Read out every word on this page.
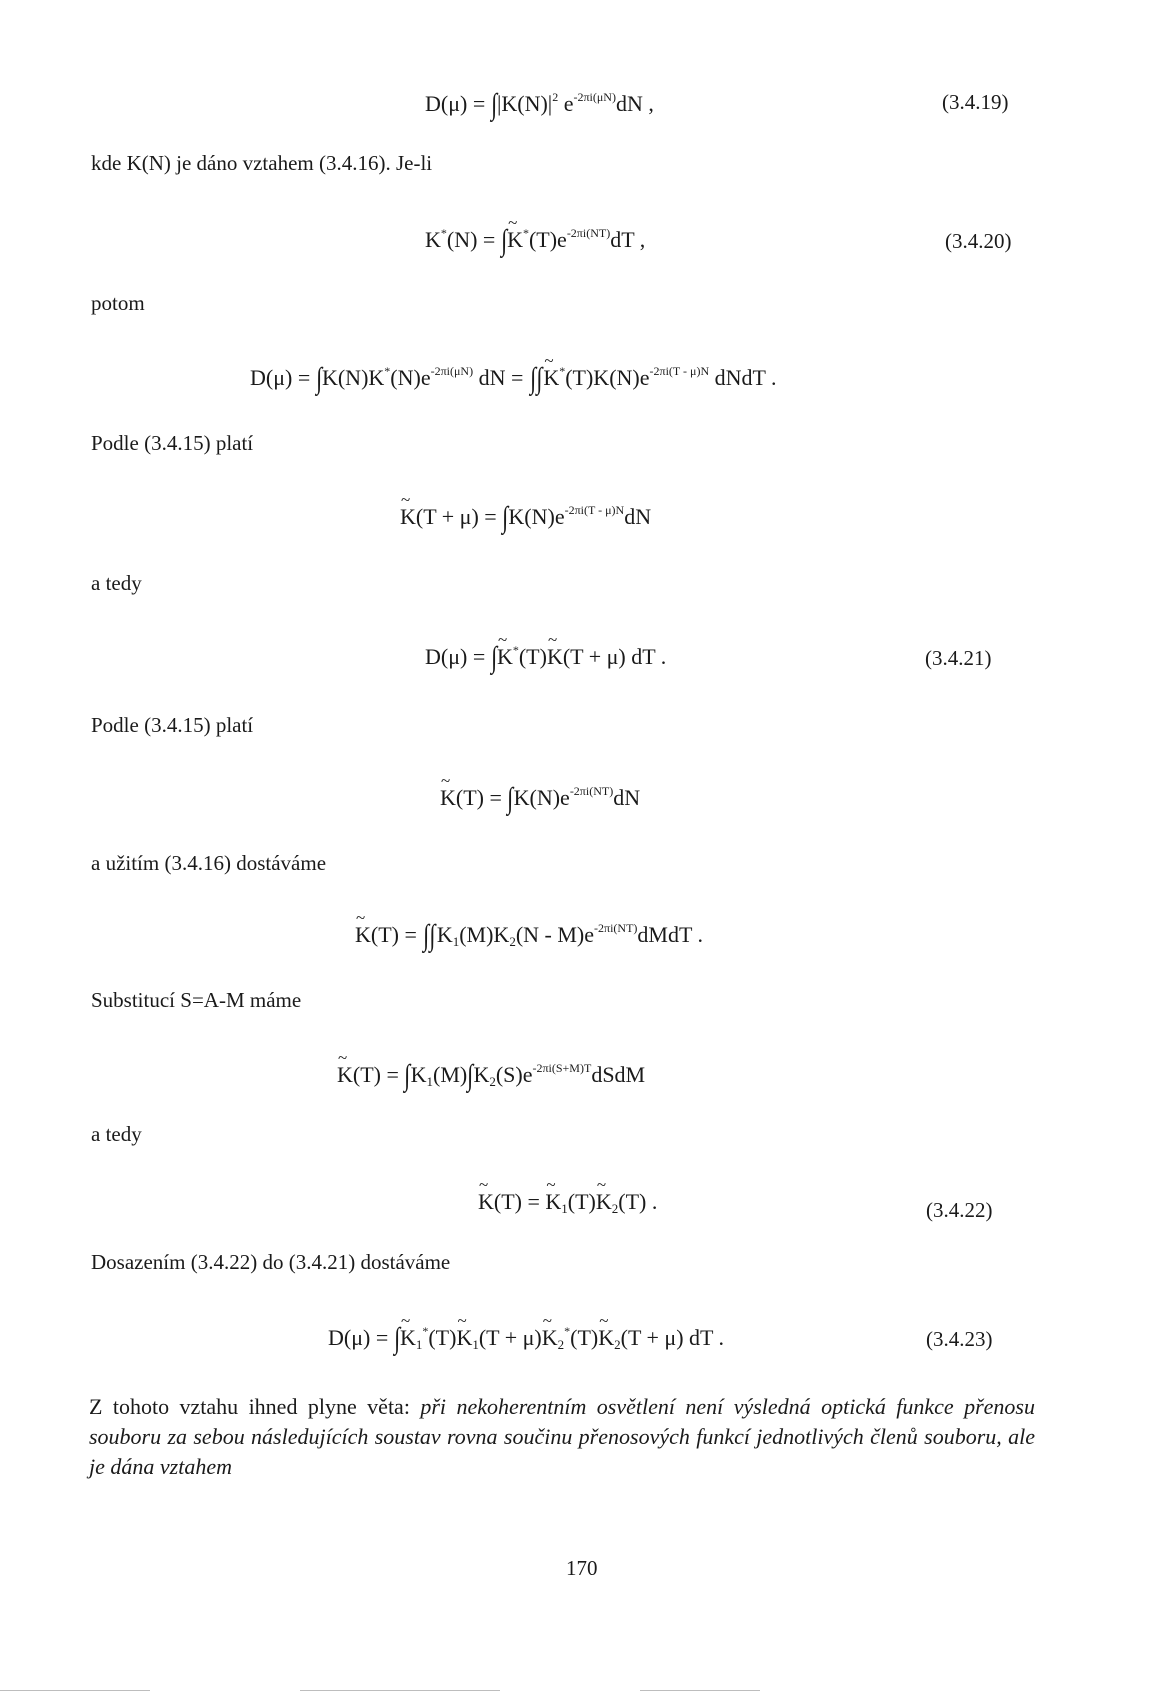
$D(\mu) = \int|K(N)|^2$ $e^{-2\pi i(\mu N)}dN$ ,	(3.4.19)
kde K(N) je dáno vztahem (3.4.16). Je-li
K*(N) = ∫~ $K^*(T)e^{-2\pi i(NT)}dT$ ,	(3.4.20)
potom
$D(\mu) = \int K(N)K^*(N)e^{-2\pi i(\mu N)}$ dN = ∫∫~ $K^*(T)K(N)e^{-2\pi i(T - \mu)N}$ dNdT .
Podle (3.4.15) platí
~ $K(T + \mu) = \int K(N)e^{-2\pi i(T - \mu)N}dN$
a tedy
D(μ) = ∫~ K*(T)~ K(T + μ) dT .	(3.4.21)
Podle (3.4.15) platí
~ $K(T) = \int K(N)e^{-2\pi i(NT)}dN$
a užitím (3.4.16) dostáváme
~ $K(T) = \int\int K_1(M)K_2(N$ - $M)e^{-2\pi i(NT)}dMdT$ .
Substitucí S=A-M máme
~ $K(T) = \int K_1(M)\int K_2(S)e^{-2\pi i(S+M)T}dSdM$
a tedy
~ K(T) = ~ $K_1(T)\sim$ $K_2(T)$ .	(3.4.22)
Dosazením (3.4.22) do (3.4.21) dostáváme
D(μ) = ∫~ $K_1^*(T)\sim$ $K_1(T$ + μ)~ $K_2^*(T)\sim$ $K_2(T + \mu)$ dT .	(3.4.23)
Z tohoto vztahu ihned plyne věta: při nekoherentním osvětlení není výsledná optická funkce přenosu souboru za sebou následujících soustav rovna součinu přenosových funkcí jednotlivých členů souboru, ale je dána vztahem
170
